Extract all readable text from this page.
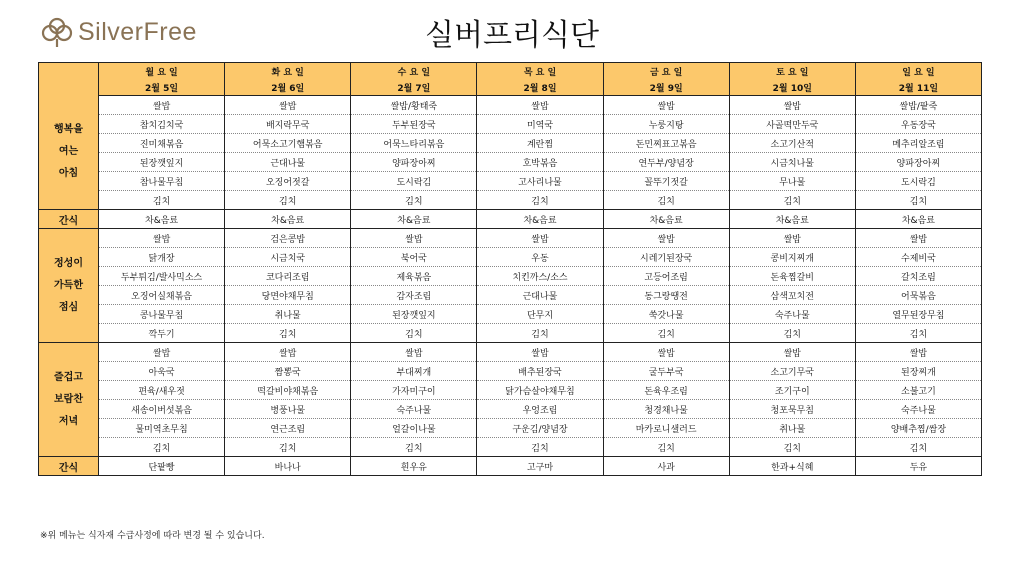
SilverFree	실버프리식단
	월 요 일	화 요 일	수 요 일	목 요 일	금 요 일	토 요 일	일 요 일
	2월 5일	2월 6일	2월 7일	2월 8일	2월 9일	2월 10일	2월 11일

행복을
여는
아침	쌀밥	쌀밥	쌀밥/황태죽	쌀밥	쌀밥	쌀밥	쌀밥/팥죽
	참치김치국	배지락무국	두부된장국	미역국	누룽지탕	사골떡만두국	우동장국
	진미채볶음	어묵소고기햄볶음	어묵느타리볶음	계란찜	돈민찌표고볶음	소고기산적	메추리알조림
	된장깻잎지	근대나물	양파장아찌	호박볶음	연두부/양념장	시금치나물	양파장아찌
	참나물무침	오징어젓갈	도시락김	고사리나물	꼴뚜기젓갈	무나물	도시락김
	김치	김치	김치	김치	김치	김치	김치
간식	차&음료	차&음료	차&음료	차&음료	차&음료	차&음료	차&음료

정성이
가득한
점심	쌀밥	검은콩밥	쌀밥	쌀밥	쌀밥	쌀밥	쌀밥
	닭개장	시금치국	북어국	우동	시레기된장국	콩비지찌개	수제비국
	두부튀김/발사믹소스	코다리조림	제육볶음	치킨까스/소스	고등어조림	돈육찜갈비	갈치조림
	오징어실채볶음	당면야채무침	감자조림	근대나물	동그랑땡전	삼색꼬치전	어묵볶음
	콩나물무침	취나물	된장깻잎지	단무지	쑥갓나물	숙주나물	열무된장무침
	깍두기	김치	김치	김치	김치	김치	김치

즐겁고
보람찬
저녁	쌀밥	쌀밥	쌀밥	쌀밥	쌀밥	쌀밥	쌀밥
	아욱국	짬뽕국	부대찌개	배추된장국	굴두부국	소고기무국	된장찌개
	편육/새우젓	떡갈비야채볶음	가자미구이	닭가슴살야채무침	돈육우조림	조기구이	소불고기
	새송이버섯볶음	병풍나물	숙주나물	우엉조림	청경채나물	청포묵무침	숙주나물
	물미역초무침	연근조림	얼갈이나물	구운김/양념장	마카로니샐러드	취나물	양배추찜/쌈장
	김치	김치	김치	김치	김치	김치	김치
간식	단팥빵	바나나	흰우유	고구마	사과	한과+식혜	두유
※위 메뉴는 식자재 수급사정에 따라 변경 될 수 있습니다.
